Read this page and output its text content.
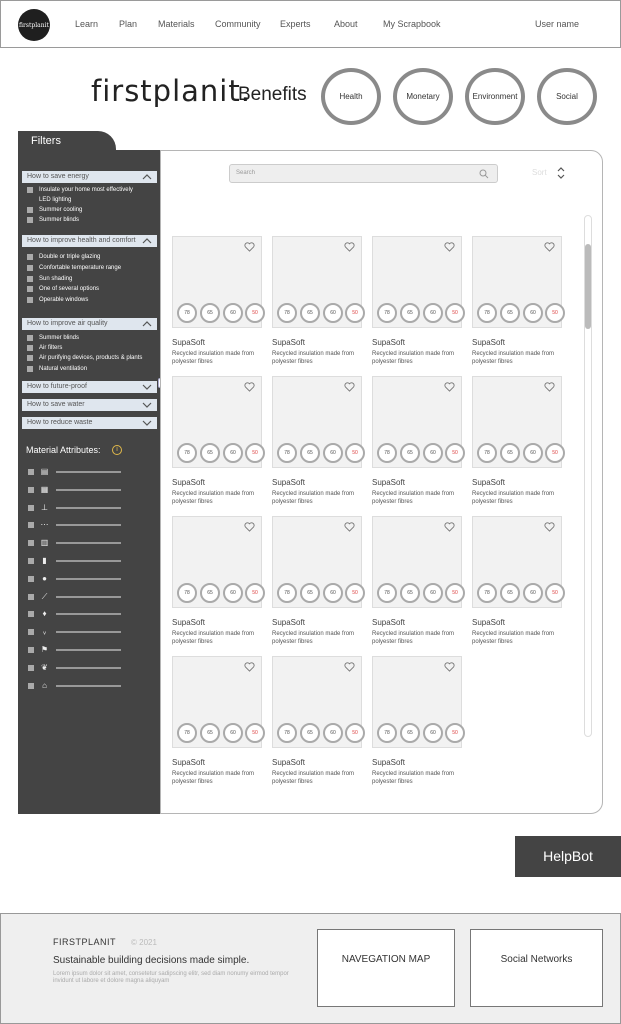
firstplanit	Learn Plan Materials Community Experts	About	My Scrapbook	User name
firstplanit.
Benefits	Health	Monetary	Environment	Social
Filters
How to save energy
Insulate your home most effectively
LED lighting
Summer cooling
Summer blinds
How to improve health and comfort
Double or triple glazing
Confortable temperature range
Sun shading
One of several options
Operable windows
How to improve air quality
Summer blinds
Air filters
Air purifying devices, products & plants
Natural ventilation
How to future-proof
How to save water
How to reduce waste
Material Attributes:	i
▤
▦
⊥
⋯
▥
▮
●
⟋
♦
ᵥ
⚑
❦
⌂
Search	Sort
78	65	60	50
SupaSoft
Recycled insulation made from polyester fibres
78	65	60	50
SupaSoft
Recycled insulation made from polyester fibres
78	65	60	50
SupaSoft
Recycled insulation made from polyester fibres
78	65	60	50
SupaSoft
Recycled insulation made from polyester fibres
78	65	60	50
SupaSoft
Recycled insulation made from polyester fibres
78	65	60	50
SupaSoft
Recycled insulation made from polyester fibres
78	65	60	50
SupaSoft
Recycled insulation made from polyester fibres
78	65	60	50
SupaSoft
Recycled insulation made from polyester fibres
78	65	60	50
SupaSoft
Recycled insulation made from polyester fibres
78	65	60	50
SupaSoft
Recycled insulation made from polyester fibres
78	65	60	50
SupaSoft
Recycled insulation made from polyester fibres
78	65	60	50
SupaSoft
Recycled insulation made from polyester fibres
78	65	60	50
SupaSoft
Recycled insulation made from polyester fibres
78	65	60	50
SupaSoft
Recycled insulation made from polyester fibres
78	65	60	50
SupaSoft
Recycled insulation made from polyester fibres
HelpBot
FIRSTPLANIT © 2021
Sustainable building decisions made simple.
Lorem ipsum dolor sit amet, consetetur sadipscing elitr, sed diam nonumy eirmod tempor invidunt ut labore et dolore magna aliquyam
NAVEGATION MAP	Social Networks
